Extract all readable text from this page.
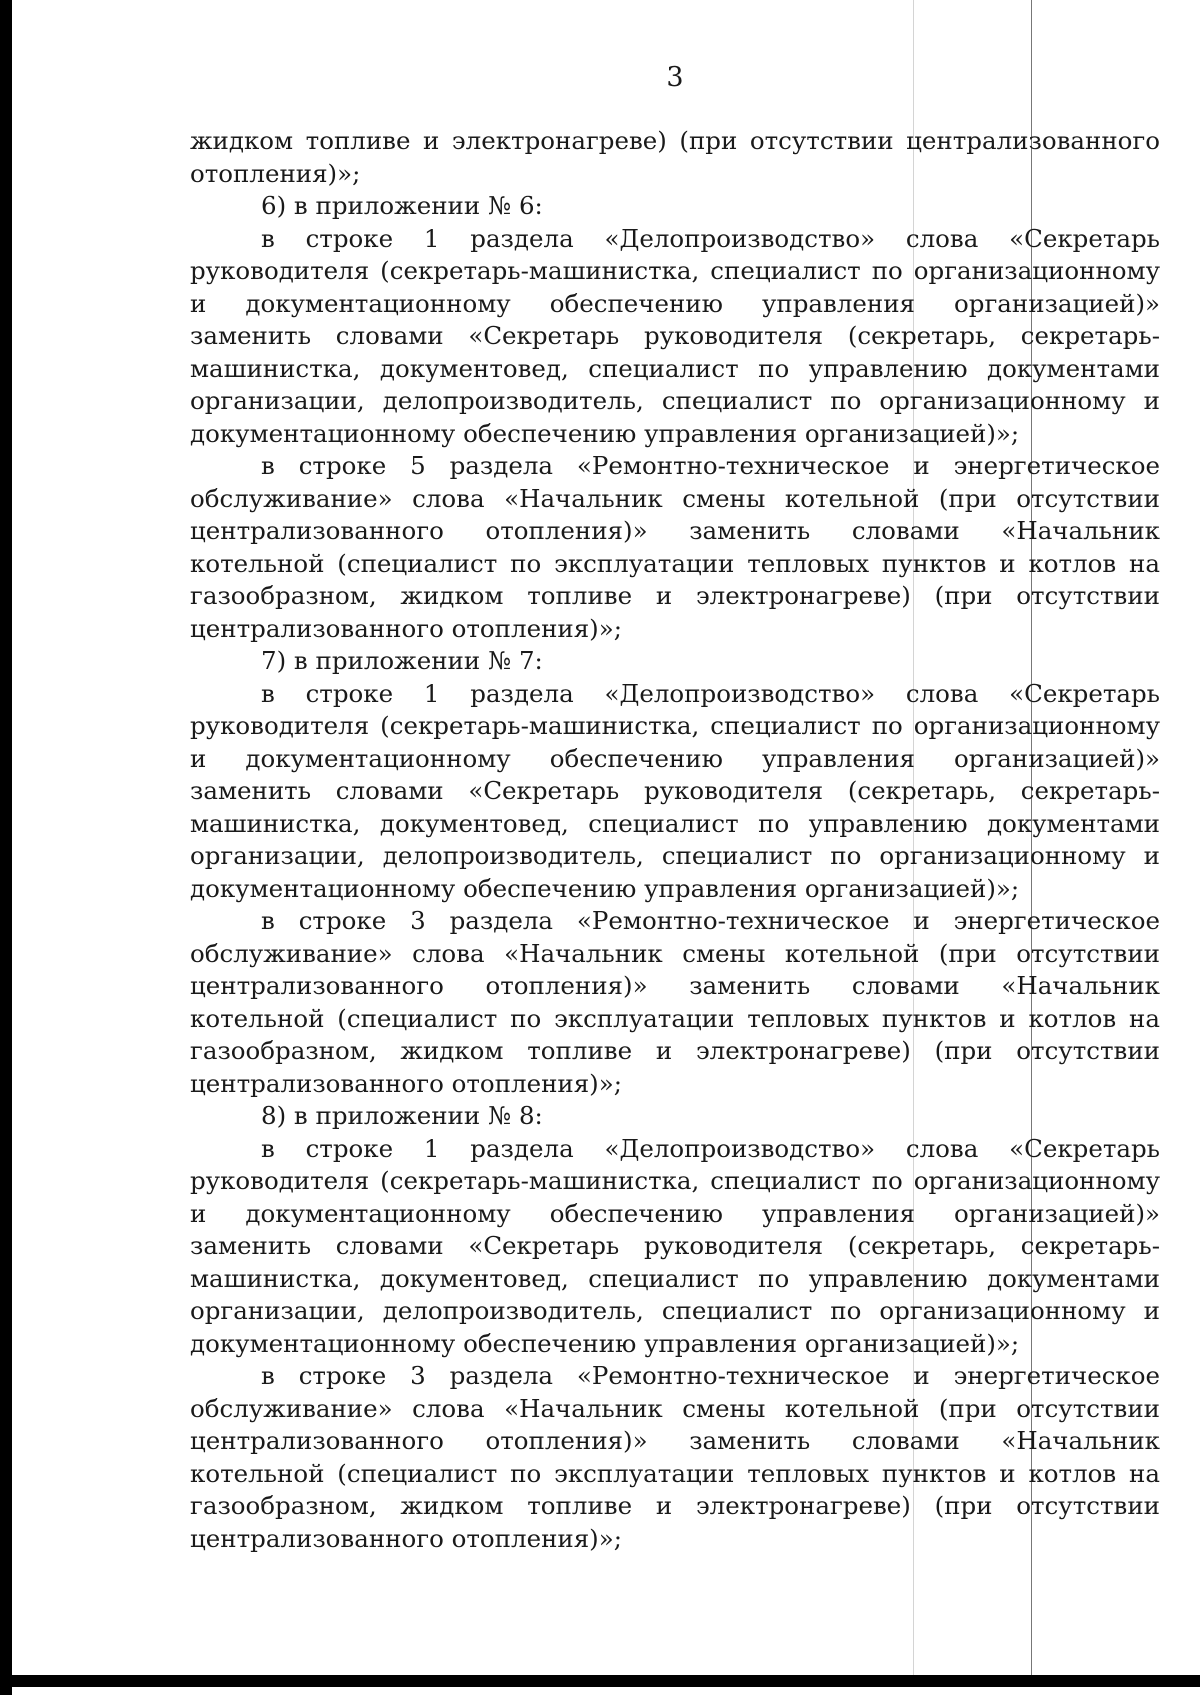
3

жидком топливе и электронагреве) (при отсутствии централизованного отопления)»;

6) в приложении № 6:

в строке 1 раздела «Делопроизводство» слова «Секретарь руководителя (секретарь-машинистка, специалист по организационному и документационному обеспечению управления организацией)» заменить словами «Секретарь руководителя (секретарь, секретарь-машинистка, документовед, специалист по управлению документами организации, делопроизводитель, специалист по организационному и документационному обеспечению управления организацией)»;

в строке 5 раздела «Ремонтно-техническое и энергетическое обслуживание» слова «Начальник смены котельной (при отсутствии централизованного отопления)» заменить словами «Начальник котельной (специалист по эксплуатации тепловых пунктов и котлов на газообразном, жидком топливе и электронагреве) (при отсутствии централизованного отопления)»;

7) в приложении № 7:

в строке 1 раздела «Делопроизводство» слова «Секретарь руководителя (секретарь-машинистка, специалист по организационному и документационному обеспечению управления организацией)» заменить словами «Секретарь руководителя (секретарь, секретарь-машинистка, документовед, специалист по управлению документами организации, делопроизводитель, специалист по организационному и документационному обеспечению управления организацией)»;

в строке 3 раздела «Ремонтно-техническое и энергетическое обслуживание» слова «Начальник смены котельной (при отсутствии централизованного отопления)» заменить словами «Начальник котельной (специалист по эксплуатации тепловых пунктов и котлов на газообразном, жидком топливе и электронагреве) (при отсутствии централизованного отопления)»;

8) в приложении № 8:

в строке 1 раздела «Делопроизводство» слова «Секретарь руководителя (секретарь-машинистка, специалист по организационному и документационному обеспечению управления организацией)» заменить словами «Секретарь руководителя (секретарь, секретарь-машинистка, документовед, специалист по управлению документами организации, делопроизводитель, специалист по организационному и документационному обеспечению управления организацией)»;

в строке 3 раздела «Ремонтно-техническое и энергетическое обслуживание» слова «Начальник смены котельной (при отсутствии централизованного отопления)» заменить словами «Начальник котельной (специалист по эксплуатации тепловых пунктов и котлов на газообразном, жидком топливе и электронагреве) (при отсутствии централизованного отопления)»;
